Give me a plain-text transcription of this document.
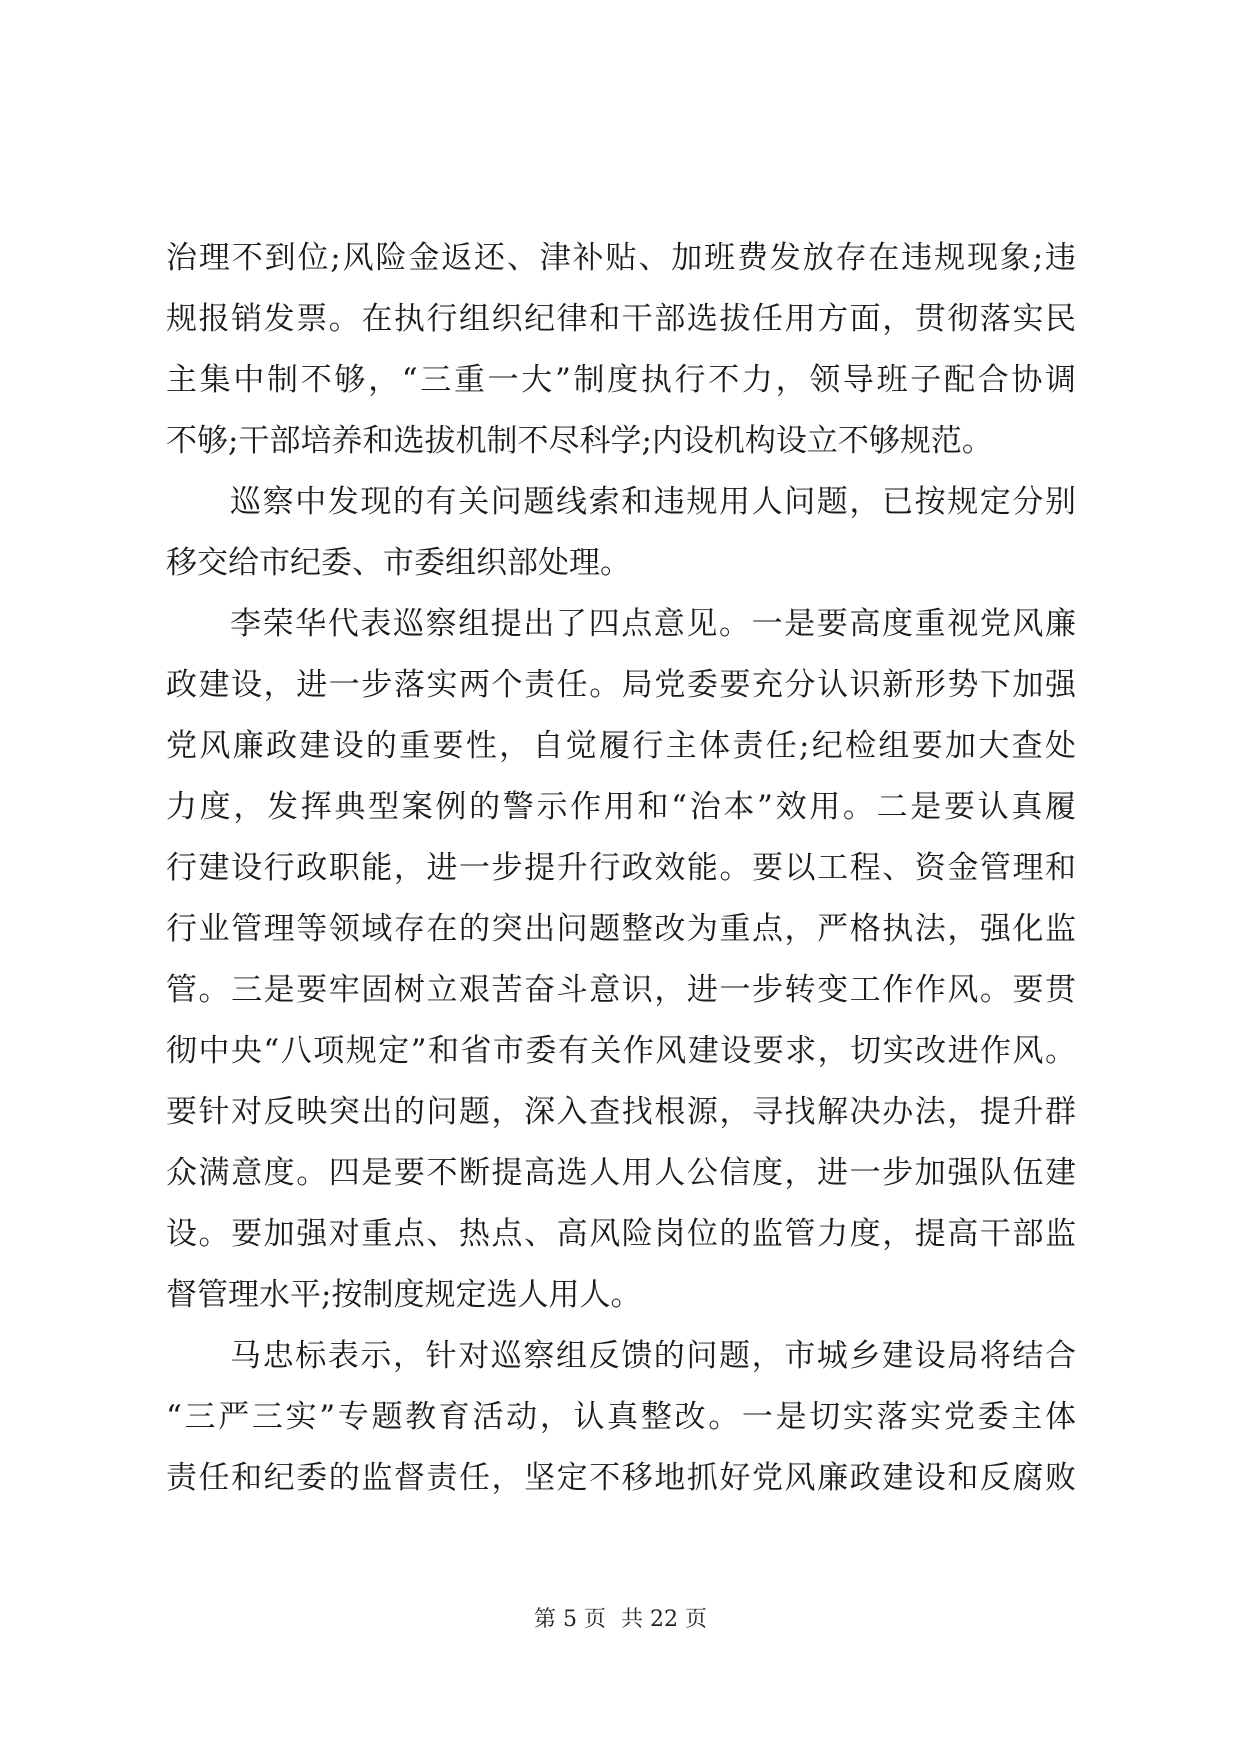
治理不到位;风险金返还、津补贴、加班费发放存在违规现象;违
规报销发票。在执行组织纪律和干部选拔任用方面，贯彻落实民
主集中制不够，“三重一大”制度执行不力，领导班子配合协调
不够;干部培养和选拔机制不尽科学;内设机构设立不够规范。
巡察中发现的有关问题线索和违规用人问题，已按规定分别
移交给市纪委、市委组织部处理。
李荣华代表巡察组提出了四点意见。一是要高度重视党风廉
政建设，进一步落实两个责任。局党委要充分认识新形势下加强
党风廉政建设的重要性，自觉履行主体责任;纪检组要加大查处
力度，发挥典型案例的警示作用和“治本”效用。二是要认真履
行建设行政职能，进一步提升行政效能。要以工程、资金管理和
行业管理等领域存在的突出问题整改为重点，严格执法，强化监
管。三是要牢固树立艰苦奋斗意识，进一步转变工作作风。要贯
彻中央“八项规定”和省市委有关作风建设要求，切实改进作风。
要针对反映突出的问题，深入查找根源，寻找解决办法，提升群
众满意度。四是要不断提高选人用人公信度，进一步加强队伍建
设。要加强对重点、热点、高风险岗位的监管力度，提高干部监
督管理水平;按制度规定选人用人。
马忠标表示，针对巡察组反馈的问题，市城乡建设局将结合
“三严三实”专题教育活动，认真整改。一是切实落实党委主体
责任和纪委的监督责任，坚定不移地抓好党风廉政建设和反腐败
第 5 页 共 22 页
